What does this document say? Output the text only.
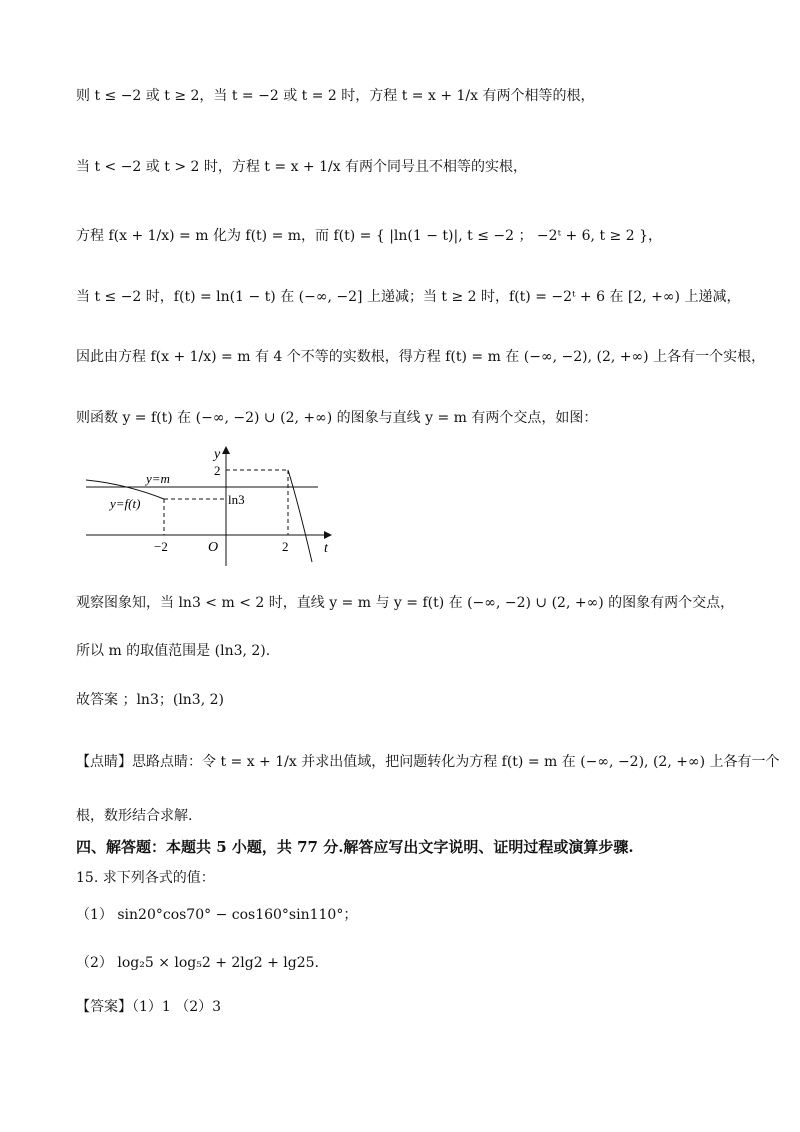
则 t ≤ −2 或 t ≥ 2，当 t = −2 或 t = 2 时，方程 t = x + 1/x 有两个相等的根，
当 t < −2 或 t > 2 时，方程 t = x + 1/x 有两个同号且不相等的实根，
方程 f(x + 1/x) = m 化为 f(t) = m，而 f(t) = { |ln(1 − t)|, t ≤ −2 ； −2ᵗ + 6, t ≥ 2 }，
当 t ≤ −2 时，f(t) = ln(1 − t) 在 (−∞, −2] 上递减；当 t ≥ 2 时，f(t) = −2ᵗ + 6 在 [2, +∞) 上递减，
因此由方程 f(x + 1/x) = m 有 4 个不等的实数根，得方程 f(t) = m 在 (−∞, −2), (2, +∞) 上各有一个实根，
则函数 y = f(t) 在 (−∞, −2) ∪ (2, +∞) 的图象与直线 y = m 有两个交点，如图：
y
t
O
y=m
y=f(t)
2
ln3
−2	2
观察图象知，当 ln3 < m < 2 时，直线 y = m 与 y = f(t) 在 (−∞, −2) ∪ (2, +∞) 的图象有两个交点，
所以 m 的取值范围是 (ln3, 2).
故答案 ；ln3；(ln3, 2)
【点睛】思路点睛：令 t = x + 1/x 并求出值域，把问题转化为方程 f(t) = m 在 (−∞, −2), (2, +∞) 上各有一个
根，数形结合求解.
四、解答题：本题共 5 小题，共 77 分.解答应写出文字说明、证明过程或演算步骤.
15. 求下列各式的值：
（1） sin20°cos70° − cos160°sin110°；
（2） log₂5 × log₅2 + 2lg2 + lg25.
【答案】（1）1 （2）3
